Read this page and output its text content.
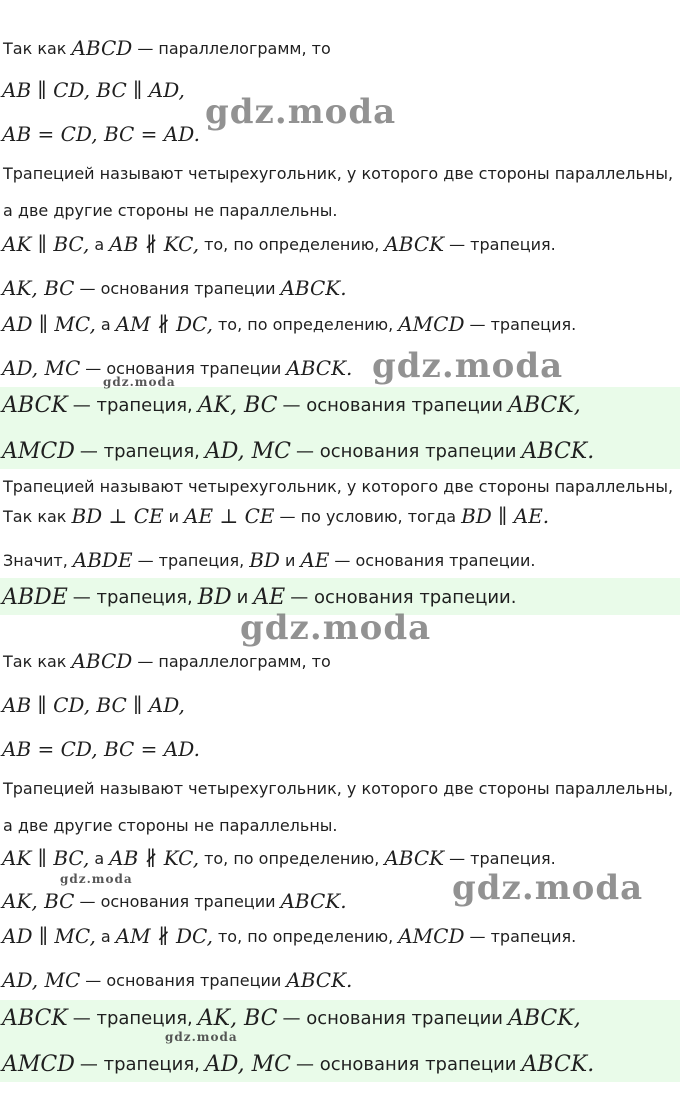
Так как ABCD — параллелограмм, то
AB ∥ CD, BC ∥ AD,
AB = CD, BC = AD.
Трапецией называют четырехугольник, у которого две стороны параллельны,
а две другие стороны не параллельны.
AK ∥ BC, а AB ∦ KC, то, по определению, ABCK — трапеция.
AK, BC — основания трапеции ABCK.
AD ∥ MC, а AM ∦ DC, то, по определению, AMCD — трапеция.
AD, MC — основания трапеции ABCK.
ABCK — трапеция, AK, BC — основания трапеции ABCK,
AMCD — трапеция, AD, MC — основания трапеции ABCK.
Трапецией называют четырехугольник, у которого две стороны параллельны,
Так как BD ⊥ CE и AE ⊥ CE — по условию, тогда BD ∥ AE.
Значит, ABDE — трапеция, BD и AE — основания трапеции.
ABDE — трапеция, BD и AE — основания трапеции.
Так как ABCD — параллелограмм, то
AB ∥ CD, BC ∥ AD,
AB = CD, BC = AD.
Трапецией называют четырехугольник, у которого две стороны параллельны,
а две другие стороны не параллельны.
AK ∥ BC, а AB ∦ KC, то, по определению, ABCK — трапеция.
AK, BC — основания трапеции ABCK.
AD ∥ MC, а AM ∦ DC, то, по определению, AMCD — трапеция.
AD, MC — основания трапеции ABCK.
ABCK — трапеция, AK, BC — основания трапеции ABCK,
AMCD — трапеция, AD, MC — основания трапеции ABCK.
gdz.moda
gdz.moda
gdz.moda
gdz.moda
gdz.moda	gdz.moda
gdz.moda
